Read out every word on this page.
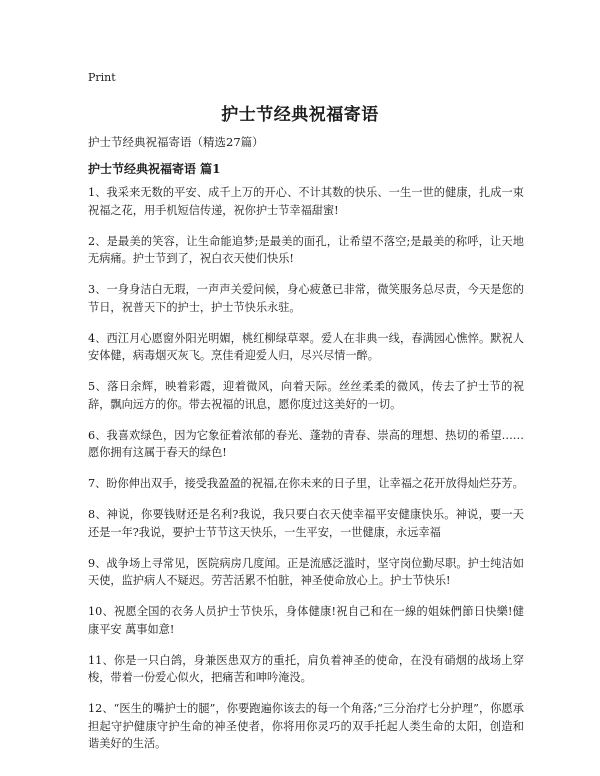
Print
护士节经典祝福寄语
护士节经典祝福寄语（精选27篇）
护士节经典祝福寄语 篇1

1、我采来无数的平安、成千上万的开心、不计其数的快乐、一生一世的健康，扎成一束祝福之花，用手机短信传递，祝你护士节幸福甜蜜!

2、是最美的笑容，让生命能追梦;是最美的面孔，让希望不落空;是最美的称呼，让天地无病痛。护士节到了，祝白衣天使们快乐!

3、一身身洁白无瑕，一声声关爱问候，身心疲惫已非常，微笑服务总尽责，今天是您的节日，祝普天下的护士，护士节快乐永驻。

4、西江月心愿窗外阳光明媚，桃红柳绿草翠。爱人在非典一线，春满园心憔悴。默祝人安体健，病毒烟灭灰飞。烹佳肴迎爱人归，尽兴尽情一醉。

5、落日余辉，映着彩霞，迎着微风，向着天际。丝丝柔柔的微风，传去了护士节的祝辞，飘向远方的你。带去祝福的讯息，愿你度过这美好的一切。

6、我喜欢绿色，因为它象征着浓郁的春光、蓬勃的青春、崇高的理想、热切的希望……愿你拥有这属于春天的绿色!

7、盼你伸出双手，接受我盈盈的祝福,在你未来的日子里，让幸福之花开放得灿烂芬芳。

8、神说，你要钱财还是名利?我说，我只要白衣天使幸福平安健康快乐。神说，要一天还是一年?我说，要护士节节这天快乐，一生平安，一世健康，永远幸福

9、战争场上寻常见，医院病房几度闻。正是流感泛滥时，坚守岗位勤尽职。护士纯洁如天使，监护病人不疑迟。劳苦活累不怕脏，神圣使命放心上。护士节快乐!

10、祝愿全国的衣务人员护士节快乐，身体健康!祝自己和在一線的姐妹們節日快樂!健康平安 萬事如意!

11、你是一只白鸽，身兼医患双方的重托，肩负着神圣的使命，在没有硝烟的战场上穿梭，带着一份爱心似火，把痛苦和呻吟淹没。

12、“医生的嘴护士的腿”，你要跑遍你该去的每一个角落;“三分治疗七分护理”，你愿承担起守护健康守护生命的神圣使者，你将用你灵巧的双手托起人类生命的太阳，创造和谐美好的生活。
